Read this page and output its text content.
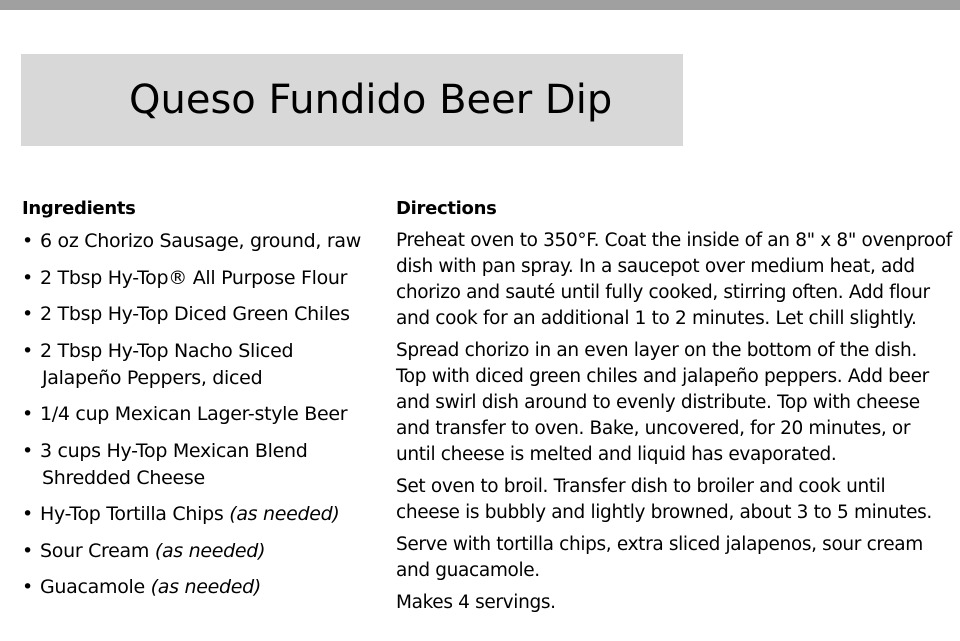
Queso Fundido Beer Dip
Ingredients
• 6 oz Chorizo Sausage, ground, raw
• 2 Tbsp Hy-Top® All Purpose Flour
• 2 Tbsp Hy-Top Diced Green Chiles
• 2 Tbsp Hy-Top Nacho Sliced
Jalapeño Peppers, diced
• 1/4 cup Mexican Lager-style Beer
• 3 cups Hy-Top Mexican Blend
Shredded Cheese
• Hy-Top Tortilla Chips (as needed)
• Sour Cream (as needed)
• Guacamole (as needed)
Directions

Preheat oven to 350°F. Coat the inside of an 8" x 8" ovenproof dish with pan spray. In a saucepot over medium heat, add chorizo and sauté until fully cooked, stirring often. Add flour and cook for an additional 1 to 2 minutes. Let chill slightly.

Spread chorizo in an even layer on the bottom of the dish. Top with diced green chiles and jalapeño peppers. Add beer and swirl dish around to evenly distribute. Top with cheese and transfer to oven. Bake, uncovered, for 20 minutes, or until cheese is melted and liquid has evaporated.

Set oven to broil. Transfer dish to broiler and cook until cheese is bubbly and lightly browned, about 3 to 5 minutes.

Serve with tortilla chips, extra sliced jalapenos, sour cream and guacamole.

Makes 4 servings.
